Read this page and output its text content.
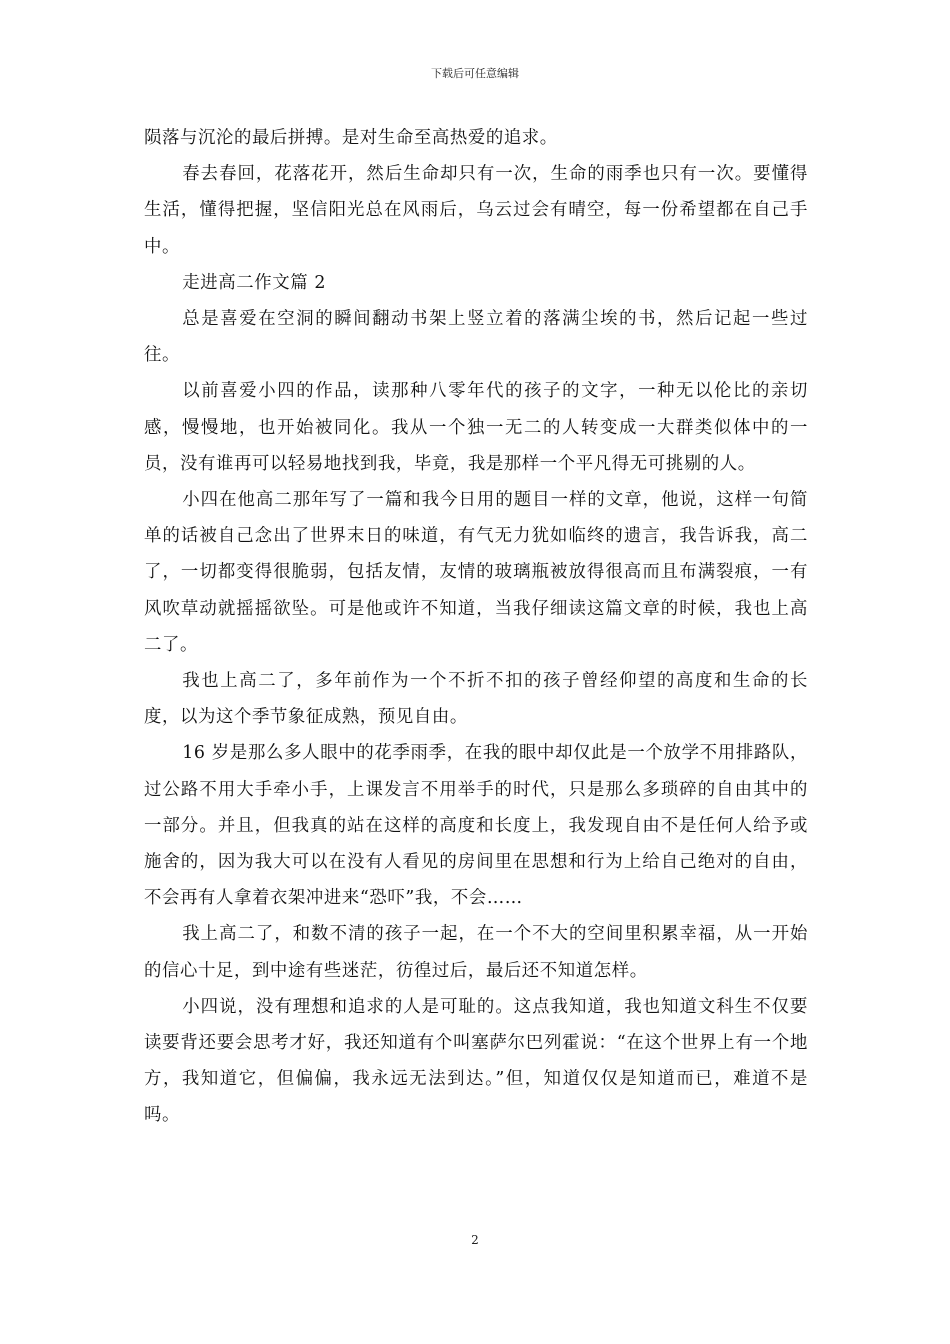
下载后可任意编辑

陨落与沉沦的最后拼搏。是对生命至高热爱的追求。

春去春回，花落花开，然后生命却只有一次，生命的雨季也只有一次。要懂得生活，懂得把握，坚信阳光总在风雨后，乌云过会有晴空，每一份希望都在自己手中。

走进高二作文篇 2

总是喜爱在空洞的瞬间翻动书架上竖立着的落满尘埃的书，然后记起一些过往。

以前喜爱小四的作品，读那种八零年代的孩子的文字，一种无以伦比的亲切感，慢慢地，也开始被同化。我从一个独一无二的人转变成一大群类似体中的一员，没有谁再可以轻易地找到我，毕竟，我是那样一个平凡得无可挑剔的人。

小四在他高二那年写了一篇和我今日用的题目一样的文章，他说，这样一句简单的话被自己念出了世界末日的味道，有气无力犹如临终的遗言，我告诉我，高二了，一切都变得很脆弱，包括友情，友情的玻璃瓶被放得很高而且布满裂痕，一有风吹草动就摇摇欲坠。可是他或许不知道，当我仔细读这篇文章的时候，我也上高二了。

我也上高二了，多年前作为一个不折不扣的孩子曾经仰望的高度和生命的长度，以为这个季节象征成熟，预见自由。

16 岁是那么多人眼中的花季雨季，在我的眼中却仅此是一个放学不用排路队，过公路不用大手牵小手，上课发言不用举手的时代，只是那么多琐碎的自由其中的一部分。并且，但我真的站在这样的高度和长度上，我发现自由不是任何人给予或施舍的，因为我大可以在没有人看见的房间里在思想和行为上给自己绝对的自由，不会再有人拿着衣架冲进来“恐吓”我，不会……

我上高二了，和数不清的孩子一起，在一个不大的空间里积累幸福，从一开始的信心十足，到中途有些迷茫，彷徨过后，最后还不知道怎样。

小四说，没有理想和追求的人是可耻的。这点我知道，我也知道文科生不仅要读要背还要会思考才好，我还知道有个叫塞萨尔巴列霍说：“在这个世界上有一个地方，我知道它，但偏偏，我永远无法到达。”但，知道仅仅是知道而已，难道不是吗。

2
